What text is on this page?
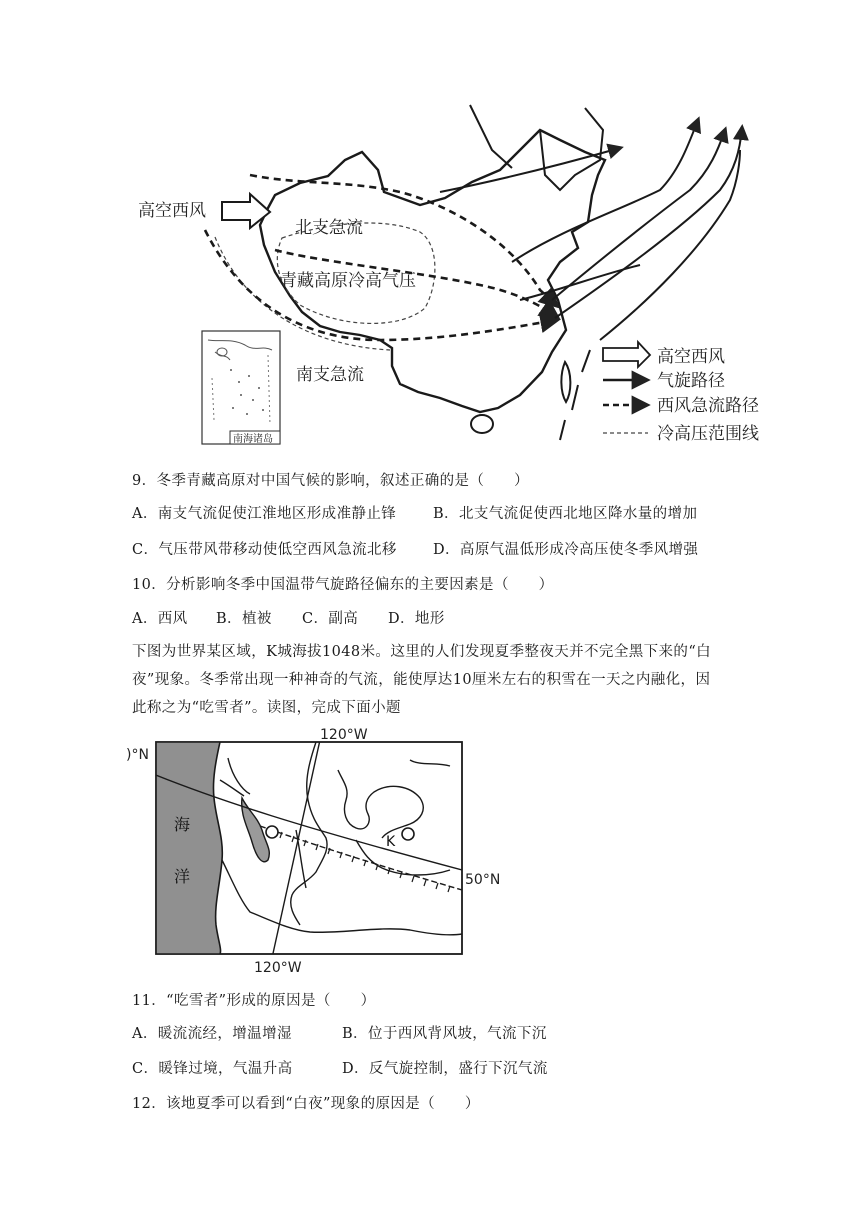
高空西风
北支急流
青藏高原冷高气压
南支急流
南海诸岛
高空西风
气旋路径
西风急流路径
冷高压范围线
9．冬季青藏高原对中国气候的影响，叙述正确的是（　　）
A．南支气流促使江淮地区形成准静止锋	B．北支气流促使西北地区降水量的增加
C．气压带风带移动使低空西风急流北移 D．高原气温低形成冷高压使冬季风增强
10．分析影响冬季中国温带气旋路径偏东的主要因素是（　　）
A．西风 B．植被 C．副高 D．地形
下图为世界某区域，K城海拔1048米。这里的人们发现夏季整夜天并不完全黑下来的“白
夜”现象。冬季常出现一种神奇的气流，能使厚达10厘米左右的积雪在一天之内融化，因
此称之为“吃雪者”。读图，完成下面小题
120°W
120°W
)°N
50°N
海
洋
K
11．“吃雪者”形成的原因是（　　）
A．暖流流经，增温增湿	B．位于西风背风坡，气流下沉
C．暖锋过境，气温升高	D．反气旋控制，盛行下沉气流
12．该地夏季可以看到“白夜”现象的原因是（　　）
